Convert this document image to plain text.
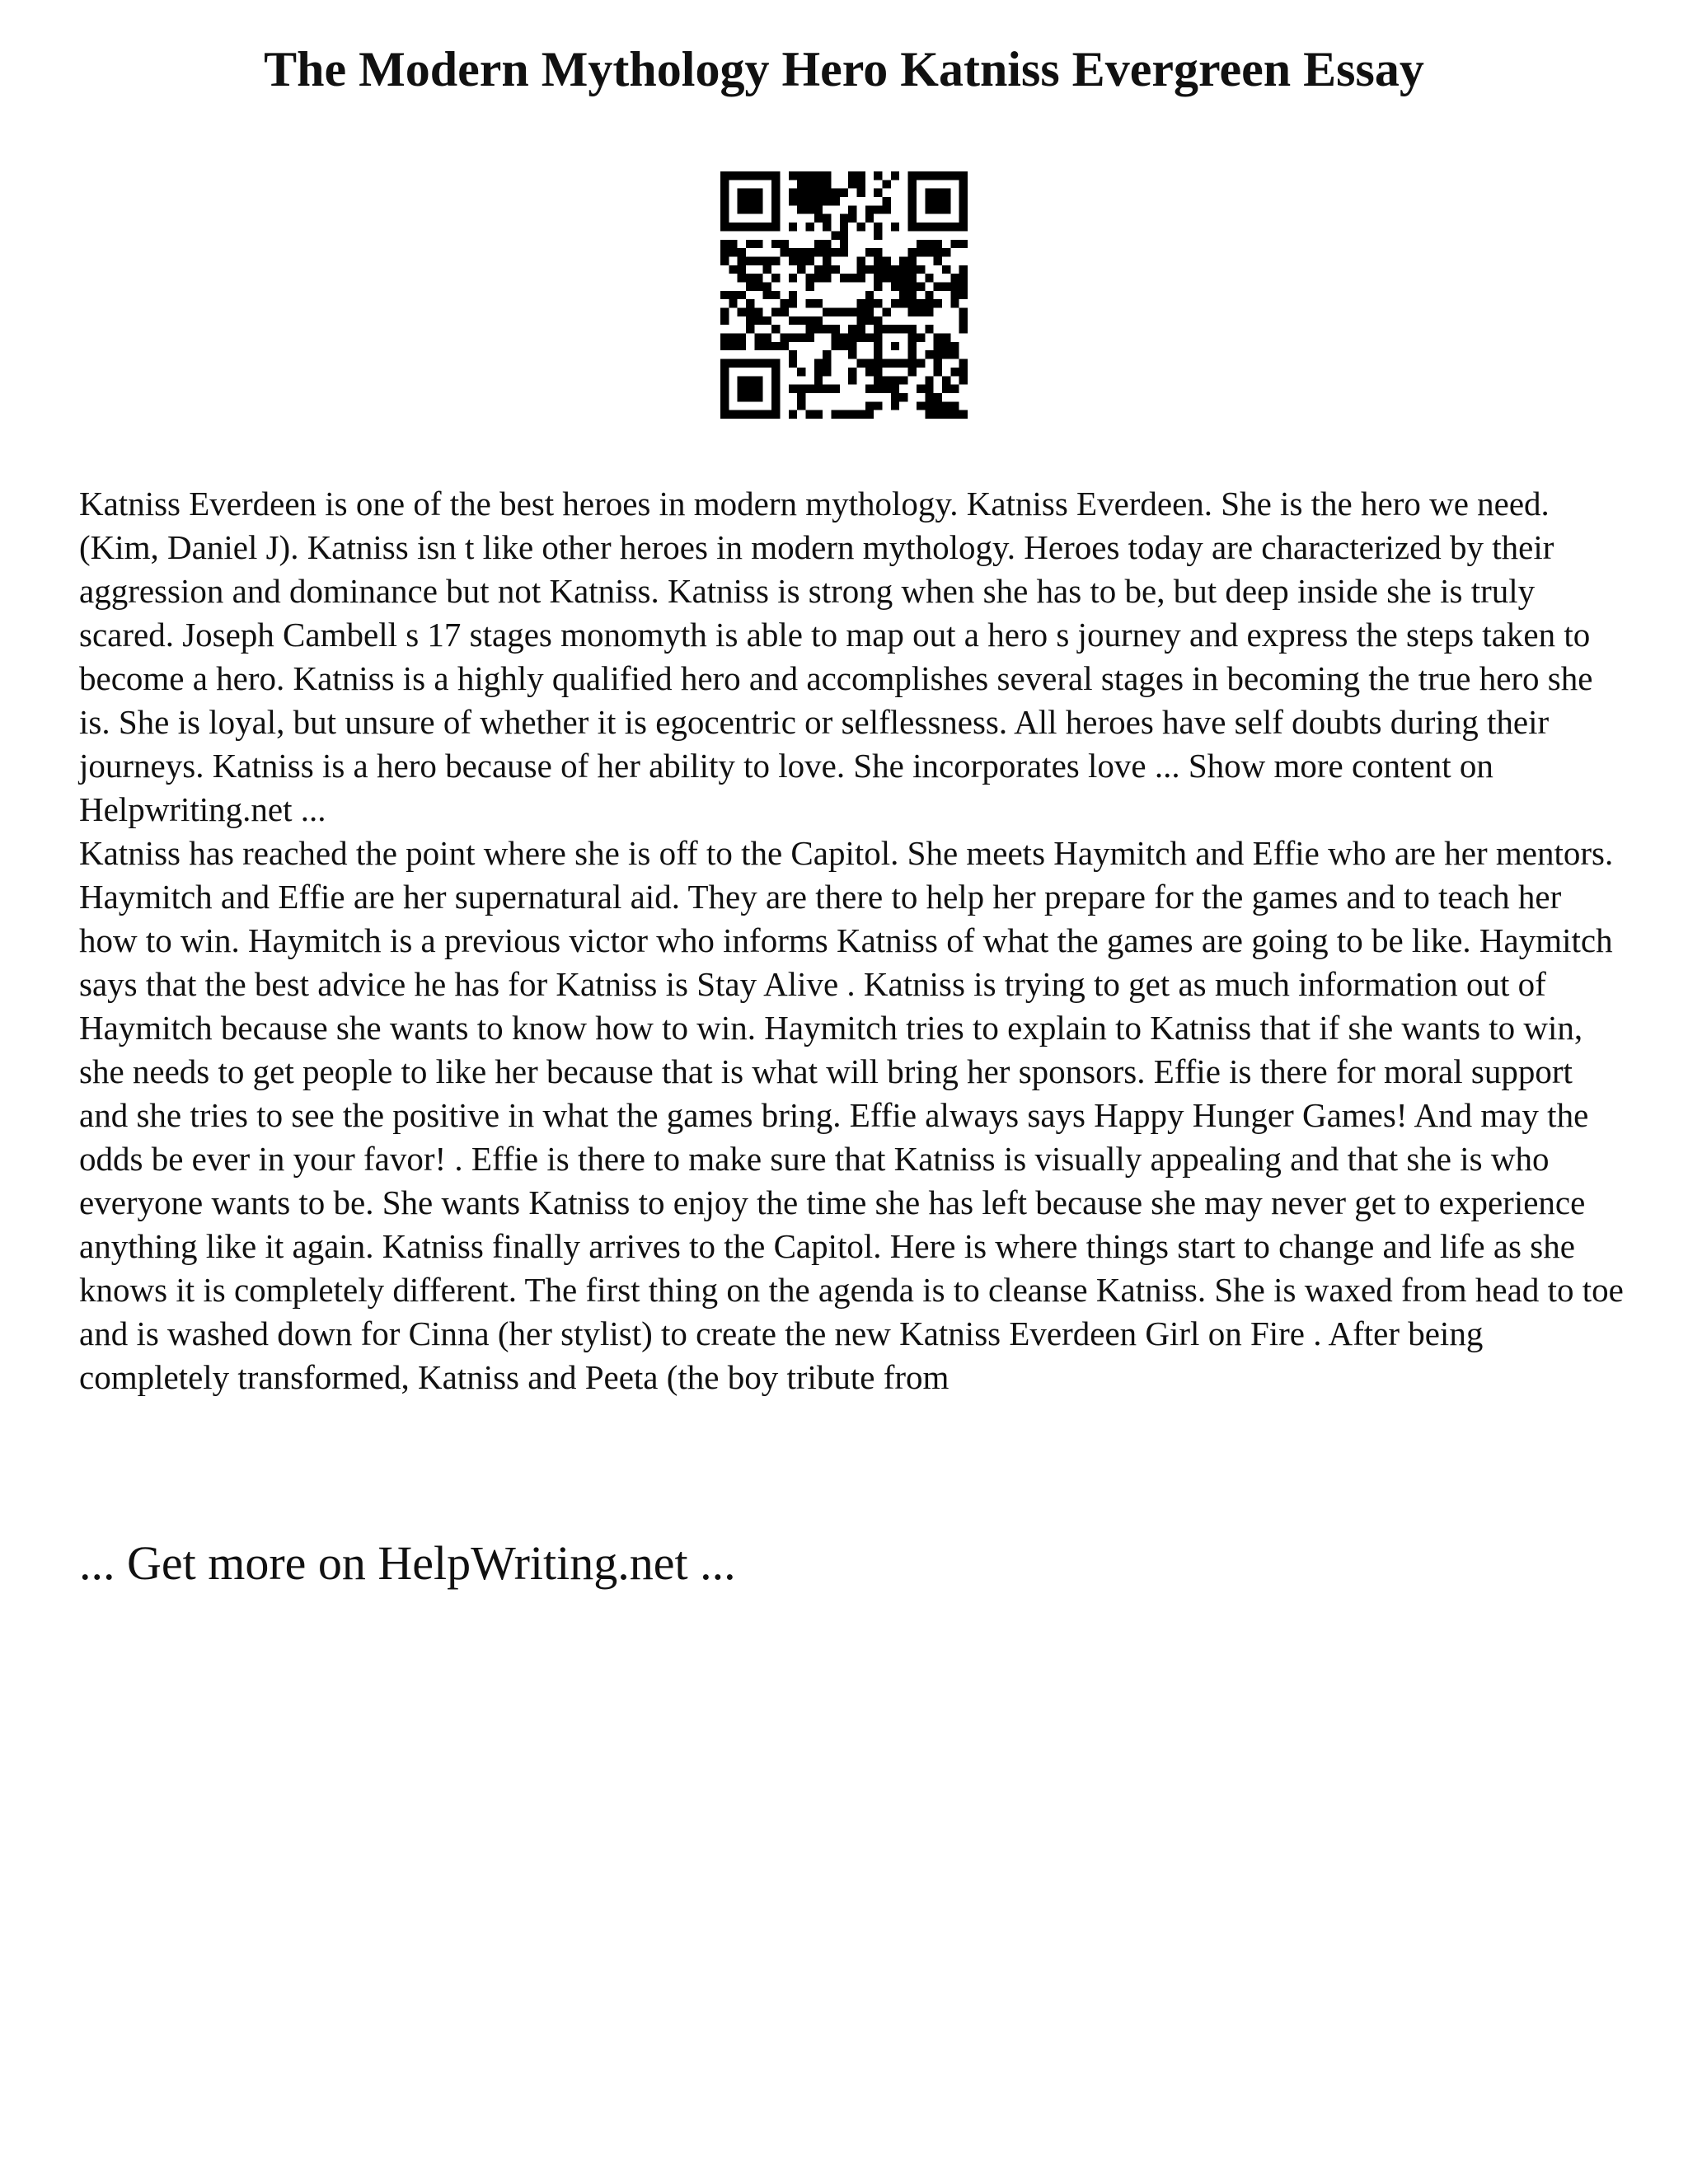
The Modern Mythology Hero Katniss Evergreen Essay

Katniss Everdeen is one of the best heroes in modern mythology. Katniss Everdeen. She is the hero we need. (Kim, Daniel J). Katniss isn t like other heroes in modern mythology. Heroes today are characterized by their aggression and dominance but not Katniss. Katniss is strong when she has to be, but deep inside she is truly scared. Joseph Cambell s 17 stages monomyth is able to map out a hero s journey and express the steps taken to become a hero. Katniss is a highly qualified hero and accomplishes several stages in becoming the true hero she is. She is loyal, but unsure of whether it is egocentric or selflessness. All heroes have self doubts during their journeys. Katniss is a hero because of her ability to love. She incorporates love ... Show more content on Helpwriting.net ...

Katniss has reached the point where she is off to the Capitol. She meets Haymitch and Effie who are her mentors. Haymitch and Effie are her supernatural aid. They are there to help her prepare for the games and to teach her how to win. Haymitch is a previous victor who informs Katniss of what the games are going to be like. Haymitch says that the best advice he has for Katniss is Stay Alive . Katniss is trying to get as much information out of Haymitch because she wants to know how to win. Haymitch tries to explain to Katniss that if she wants to win, she needs to get people to like her because that is what will bring her sponsors. Effie is there for moral support and she tries to see the positive in what the games bring. Effie always says Happy Hunger Games! And may the odds be ever in your favor! . Effie is there to make sure that Katniss is visually appealing and that she is who everyone wants to be. She wants Katniss to enjoy the time she has left because she may never get to experience anything like it again. Katniss finally arrives to the Capitol. Here is where things start to change and life as she knows it is completely different. The first thing on the agenda is to cleanse Katniss. She is waxed from head to toe and is washed down for Cinna (her stylist) to create the new Katniss Everdeen Girl on Fire . After being completely transformed, Katniss and Peeta (the boy tribute from

... Get more on HelpWriting.net ...
